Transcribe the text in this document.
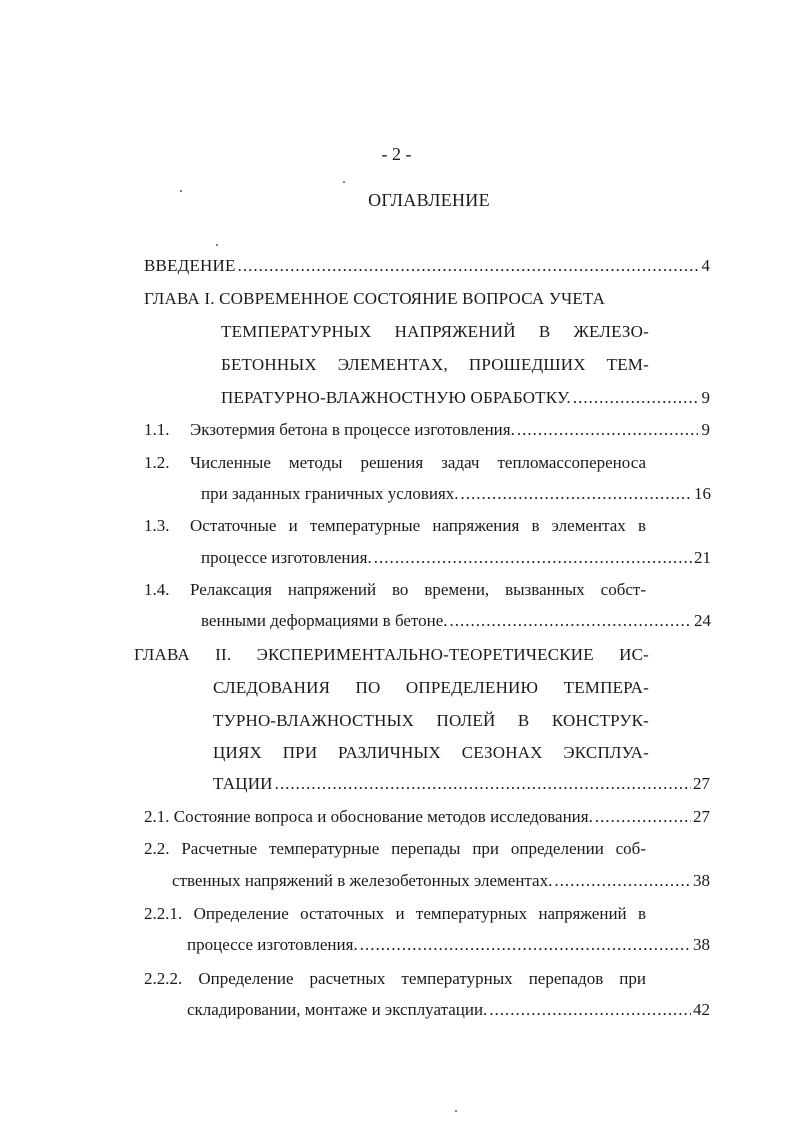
- 2 -
ОГЛАВЛЕНИЕ
ВВЕДЕНИЕ .....	4
ГЛАВА I. СОВРЕМЕННОЕ СОСТОЯНИЕ ВОПРОСА УЧЕТА
ТЕМПЕРАТУРНЫХ НАПРЯЖЕНИЙ В ЖЕЛЕЗО-
БЕТОННЫХ ЭЛЕМЕНТАХ, ПРОШЕДШИХ ТЕМ-
ПЕРАТУРНО-ВЛАЖНОСТНУЮ ОБРАБОТКУ. .....	9
1.1. Экзотермия бетона в процессе изготовления. .....	9
1.2. Численные методы решения задач тепломассопереноса
при заданных граничных условиях. .....	16
1.3. Остаточные и температурные напряжения в элементах в
процессе изготовления. .....	21
1.4. Релаксация напряжений во времени, вызванных собст-
венными деформациями в бетоне. .....	24
ГЛАВА II. ЭКСПЕРИМЕНТАЛЬНО-ТЕОРЕТИЧЕСКИЕ ИС-
СЛЕДОВАНИЯ ПО ОПРЕДЕЛЕНИЮ ТЕМПЕРА-
ТУРНО-ВЛАЖНОСТНЫХ ПОЛЕЙ В КОНСТРУК-
ЦИЯХ ПРИ РАЗЛИЧНЫХ СЕЗОНАХ ЭКСПЛУА-
ТАЦИИ .....	27
2.1. Состояние вопроса и обоснование методов исследования. .....	27
2.2. Расчетные температурные перепады при определении соб-
ственных напряжений в железобетонных элементах. .....	38
2.2.1. Определение остаточных и температурных напряжений в
процессе изготовления. .....	38
2.2.2. Определение расчетных температурных перепадов при
складировании, монтаже и эксплуатации. .....	42
